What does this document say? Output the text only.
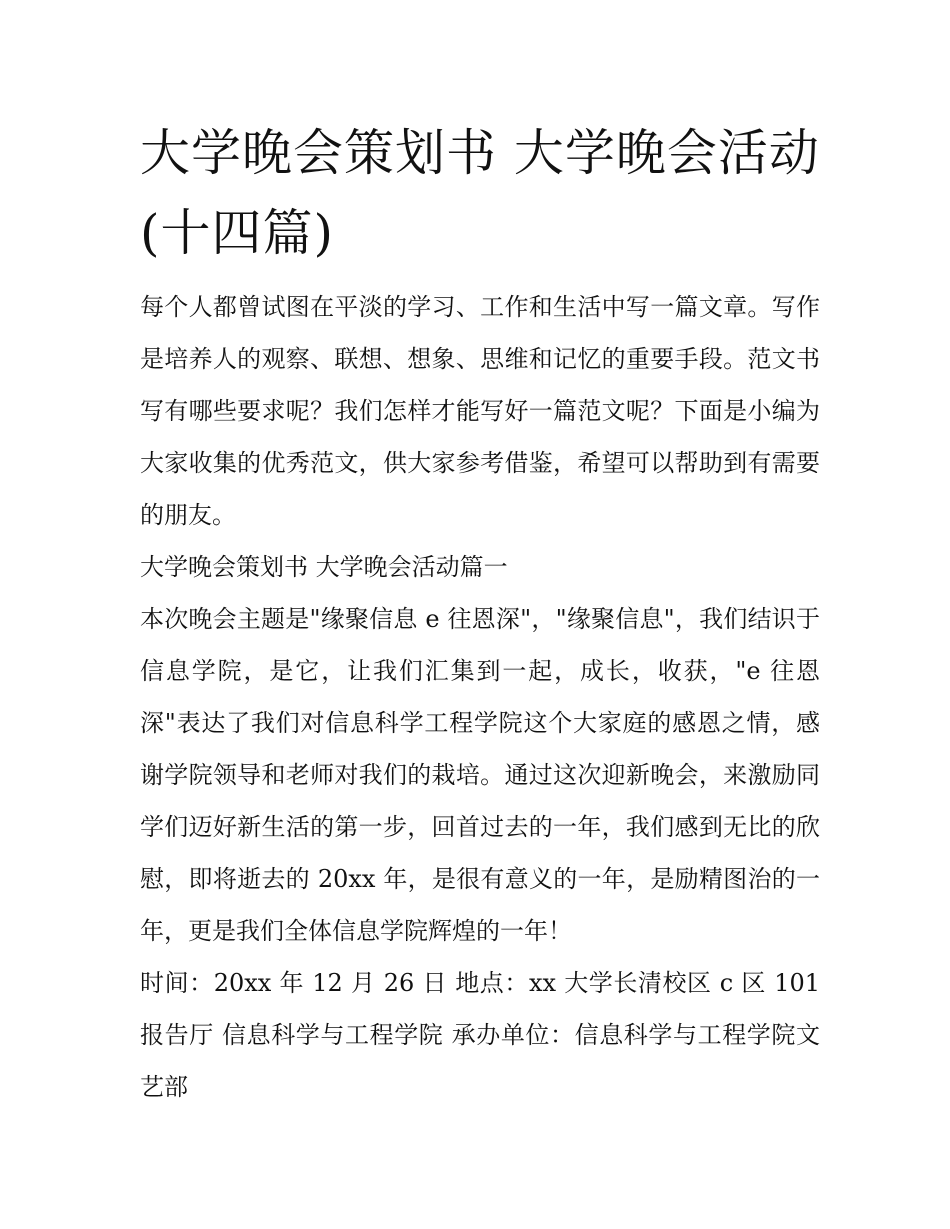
大学晚会策划书 大学晚会活动(十四篇)

每个人都曾试图在平淡的学习、工作和生活中写一篇文章。写作是培养人的观察、联想、想象、思维和记忆的重要手段。范文书写有哪些要求呢？我们怎样才能写好一篇范文呢？下面是小编为大家收集的优秀范文，供大家参考借鉴，希望可以帮助到有需要的朋友。

大学晚会策划书 大学晚会活动篇一

本次晚会主题是"缘聚信息 e 往恩深"，"缘聚信息"，我们结识于信息学院，是它，让我们汇集到一起，成长，收获，"e 往恩深"表达了我们对信息科学工程学院这个大家庭的感恩之情，感谢学院领导和老师对我们的栽培。通过这次迎新晚会，来激励同学们迈好新生活的第一步，回首过去的一年，我们感到无比的欣慰，即将逝去的 20xx 年，是很有意义的一年，是励精图治的一年，更是我们全体信息学院辉煌的一年！

时间：20xx 年 12 月 26 日 地点：xx 大学长清校区 c 区 101 报告厅 信息科学与工程学院 承办单位：信息科学与工程学院文艺部
